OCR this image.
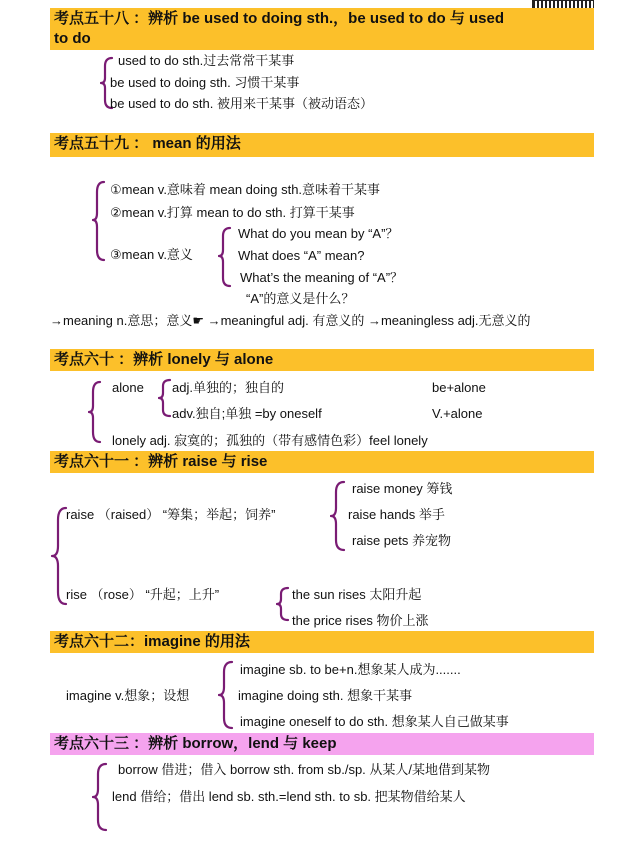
考点五十八 ：辨析 be used to doing sth.，be used to do 与 used
to do
used to do sth.过去常常干某事
be used to doing sth. 习惯干某事
be used to do sth. 被用来干某事（被动语态）
考点五十九 ： mean 的用法
①mean v.意味着 mean doing sth.意味着干某事
②mean v.打算 mean to do sth. 打算干某事
③mean v.意义
What do you mean by “A”？
What does “A” mean?
What’s the meaning of “A”？
“A”的意义是什么？
→meaning n.意思；意义☛ →meaningful adj. 有意义的 →meaningless adj.无意义的
考点六十 ：辨析 lonely 与 alone
alone adj.单独的；独自的	be+alone
adv.独自;单独 =by oneself	V.+alone
lonely adj. 寂寞的；孤独的（带有感情色彩）feel lonely
考点六十一 ：辨析 raise 与 rise
raise （raised） “筹集；举起；饲养”
raise money 筹钱
raise hands 举手
raise pets 养宠物
rise （rose） “升起；上升”	the sun rises 太阳升起
the price rises 物价上涨
考点六十二：imagine 的用法
imagine v.想象；设想
imagine sb. to be+n.想象某人成为.......
imagine doing sth. 想象干某事
imagine oneself to do sth. 想象某人自己做某事
考点六十三 ：辨析 borrow，lend 与 keep
borrow 借进；借入 borrow sth. from sb./sp. 从某人/某地借到某物
lend 借给；借出 lend sb. sth.=lend sth. to sb. 把某物借给某人
